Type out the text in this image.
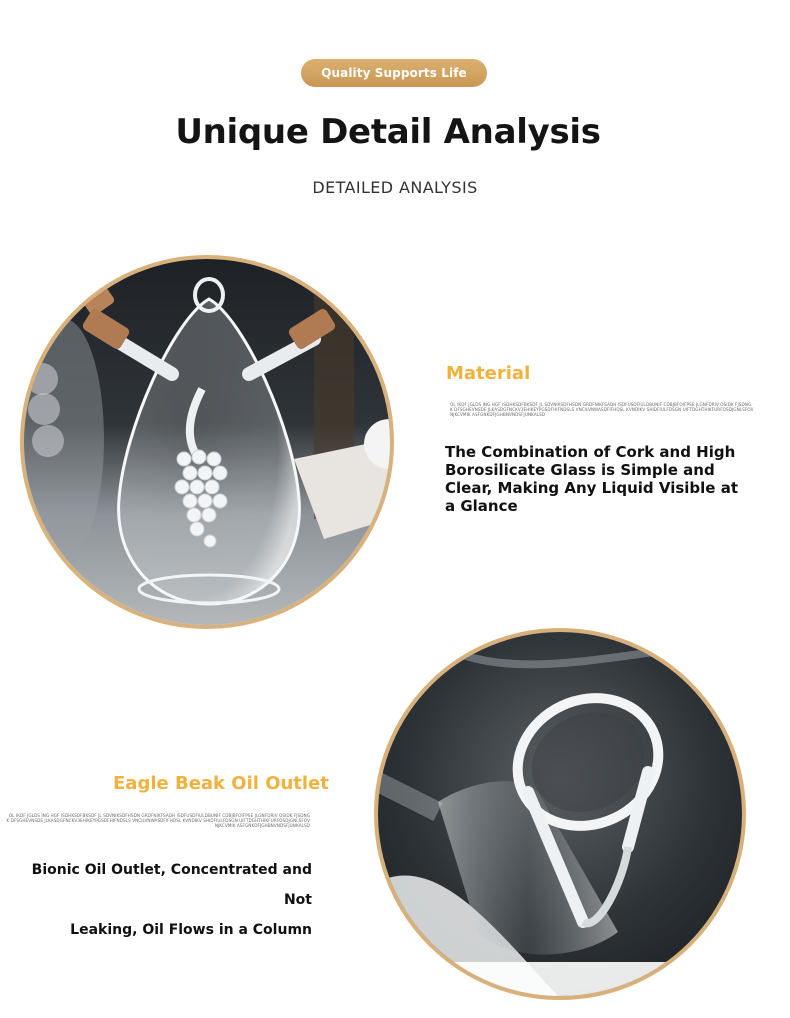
Quality Supports Life
Unique Detail Analysis
DETAILED ANALYSIS
Material
OL IKDF JGLDS ING HGF ISDHKSDFBKSDF JL SDVNIKSDFHSDN GRDFNIKFSADH ISDFUSDFIULDBUNIF CDBJBFOIFPSE JLGNFDRIV OSIDK FJSDNGK DFSGHEVNSDE JLKASDGFNCKV3EHIKEYPGSDFHIFNDSLS VNCILVNWASDFIFHDSL KVNDIKV SHIDFIULFDSGN UIFTDGHTHIKFURFOSDJGNLSFOVNJKCVMIK ASFGNKDFJGHBNVNDSFJUNKALSD
The Combination of Cork and High Borosilicate Glass is Simple and Clear, Making Any Liquid Visible at a Glance
Eagle Beak Oil Outlet
OL IKDF JGLDS ING HGF ISDHKSDFBKSDF JL SDVNIKSDFHSDN GRDFNIKFSADH ISDFUSDFIULDBUNIF CDBJBFOIFPSE JLGNFDRIV OSIDK FJSDNGK DFSGHEVNSDE JLKASDGFNCKV3EHIKEYPGSDFHIFNDSLS VNCILVNWASDFIFHDSL KVNDIKV SHIDFIULFDSGN UIFTDGHTHIKFURFOSDJGNLSFOVNJKCVMIK ASFGNKDFJGHBNVNDSFJUNKALSD
Bionic Oil Outlet, Concentrated and Not
Leaking, Oil Flows in a Column
